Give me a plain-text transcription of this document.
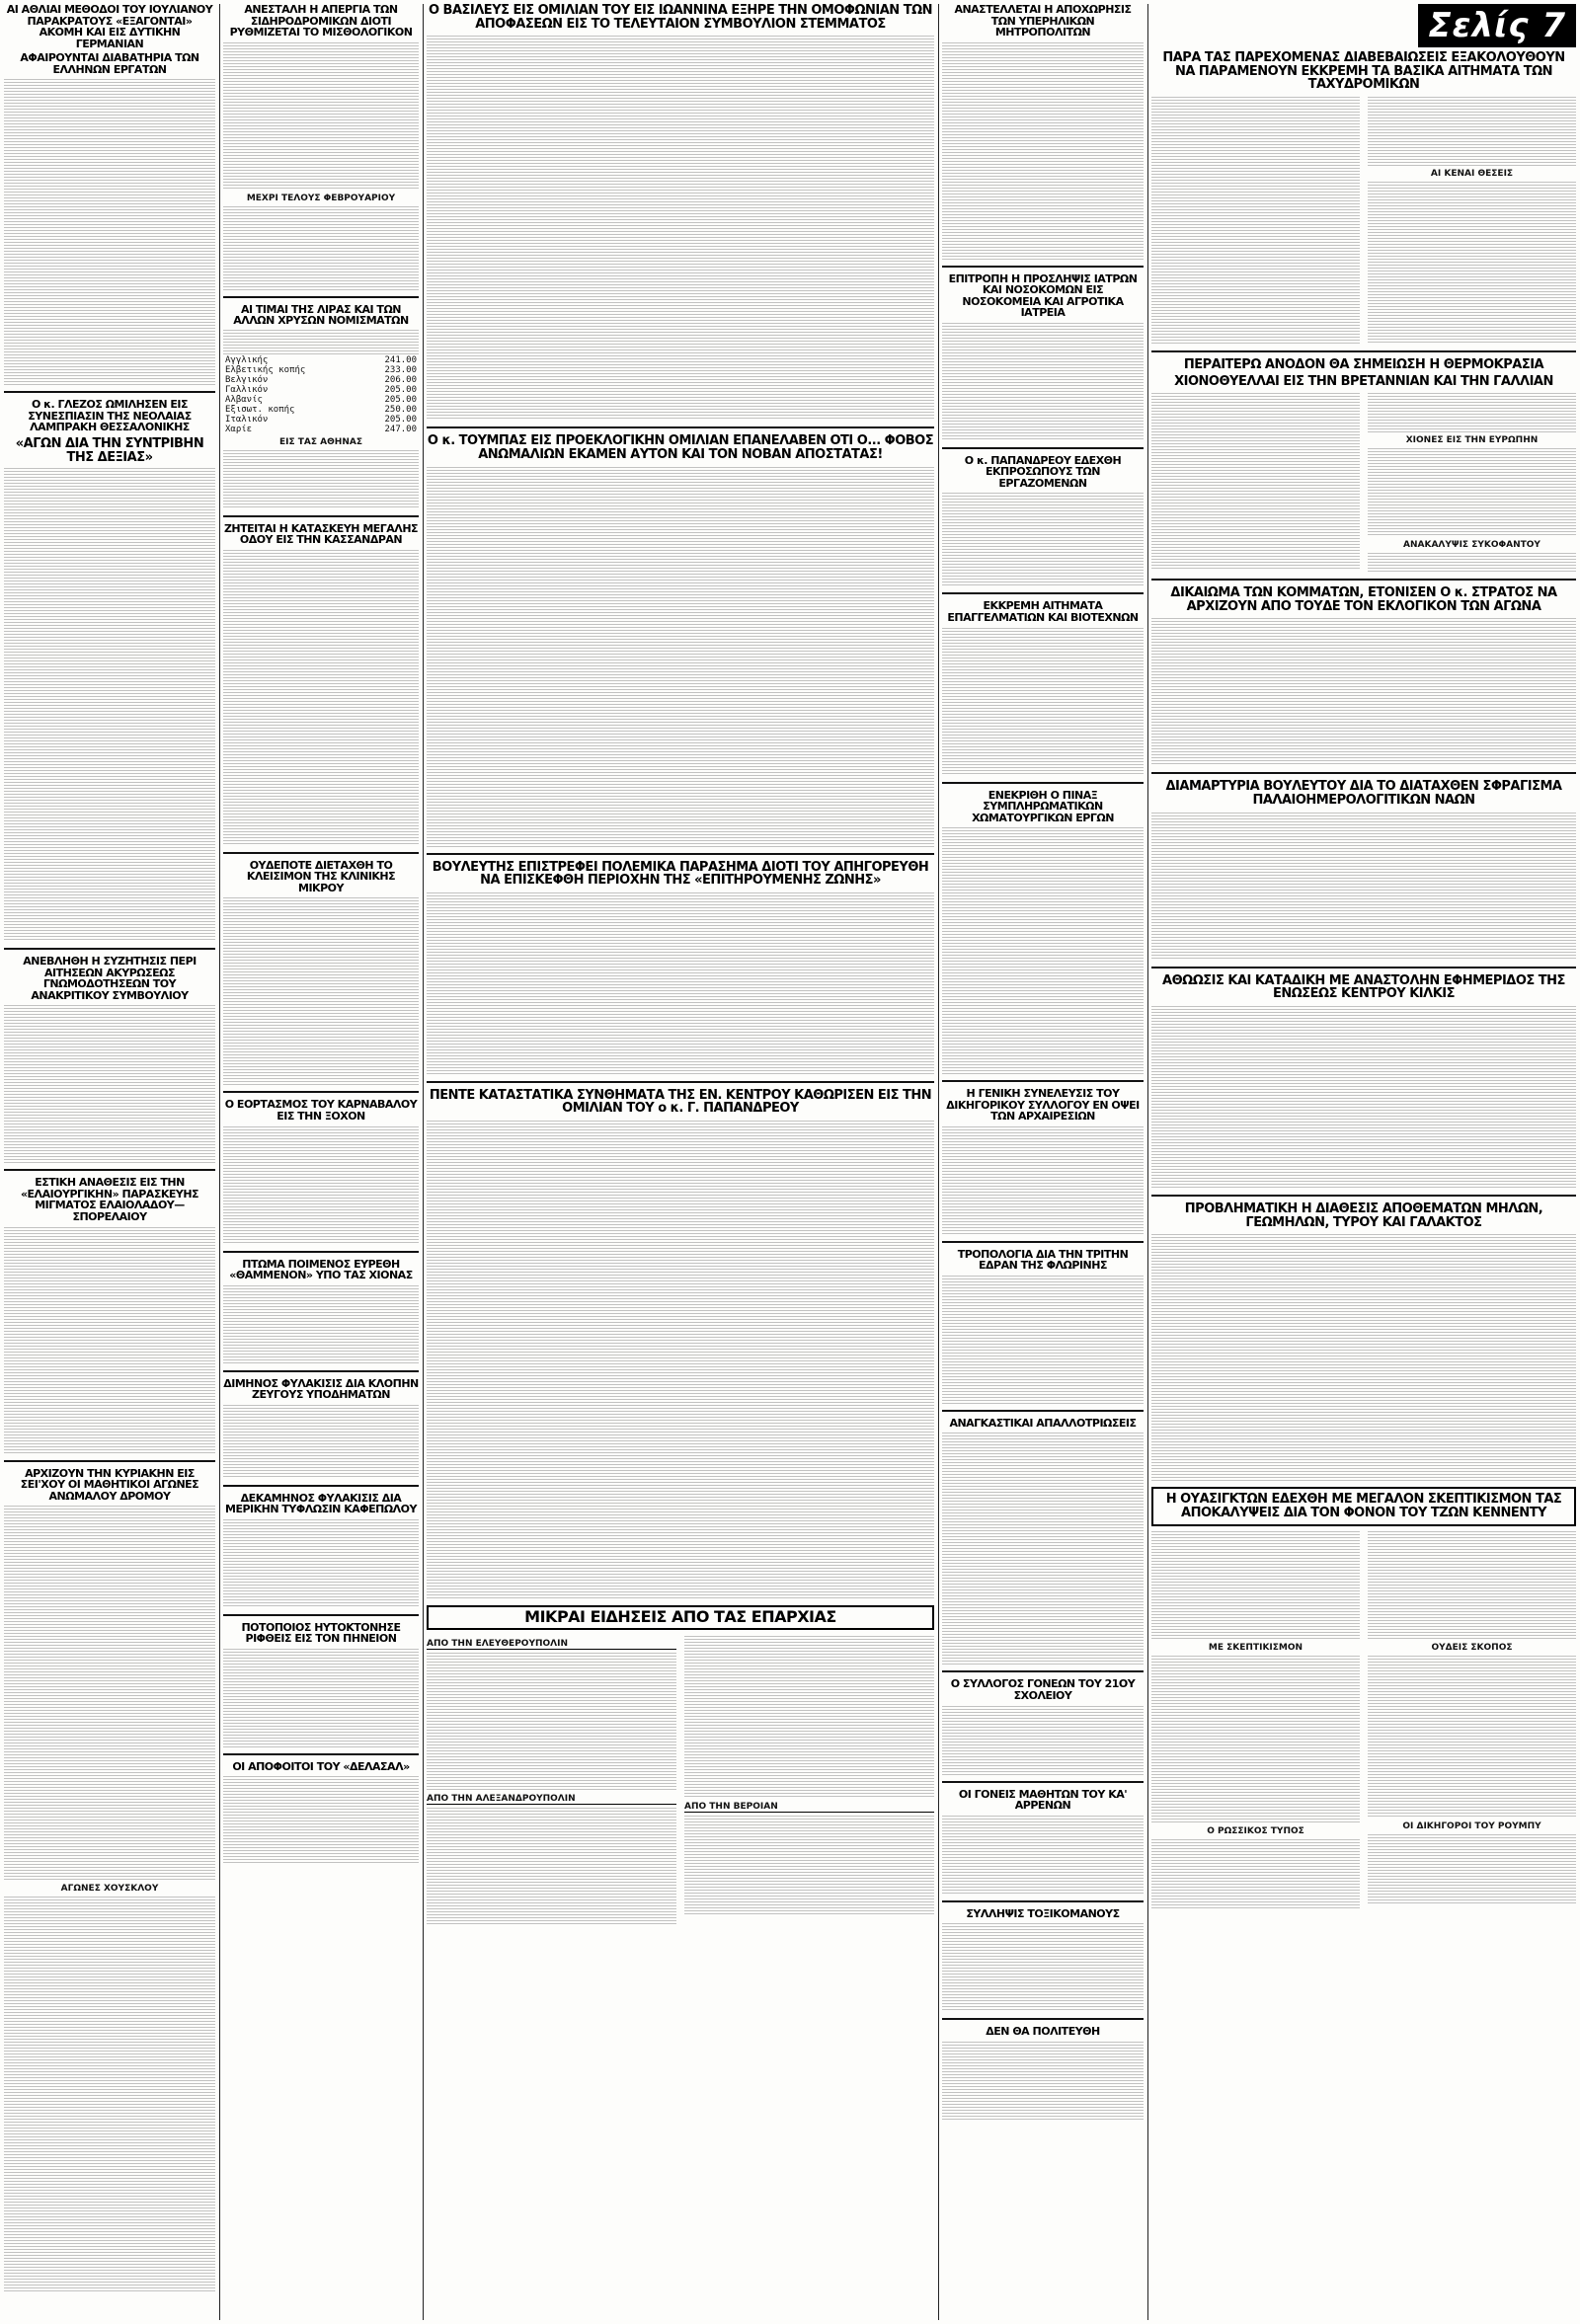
ΑΙ ΑΘΛΙΑΙ ΜΕΘΟΔΟΙ ΤΟΥ ΙΟΥΛΙΑΝΟΥ ΠΑΡΑΚΡΑΤΟΥΣ «ΕΞΑΓΟΝΤΑΙ» ΑΚΟΜΗ ΚΑΙ ΕΙΣ ΔΥΤΙΚΗΝ ΓΕΡΜΑΝΙΑΝ
ΑΦΑΙΡΟΥΝΤΑΙ ΔΙΑΒΑΤΗΡΙΑ ΤΩΝ ΕΛΛΗΝΩΝ ΕΡΓΑΤΩΝ
Ο κ. ΓΛΕΖΟΣ ΩΜΙΛΗΣΕΝ ΕΙΣ ΣΥΝΕΣΠΙΑΣΙΝ ΤΗΣ ΝΕΟΛΑΙΑΣ ΛΑΜΠΡΑΚΗ ΘΕΣΣΑΛΟΝΙΚΗΣ
«ΑΓΩΝ ΔΙΑ ΤΗΝ ΣΥΝΤΡΙΒΗΝ ΤΗΣ ΔΕΞΙΑΣ»
ΑΝΕΒΛΗΘΗ Η ΣΥΖΗΤΗΣΙΣ ΠΕΡΙ ΑΙΤΗΣΕΩΝ ΑΚΥΡΩΣΕΩΣ ΓΝΩΜΟΔΟΤΗΣΕΩΝ ΤΟΥ ΑΝΑΚΡΙΤΙΚΟΥ ΣΥΜΒΟΥΛΙΟΥ
ΕΣΤΙΚΗ ΑΝΑΘΕΣΙΣ ΕΙΣ ΤΗΝ «ΕΛΑΙΟΥΡΓΙΚΗΝ» ΠΑΡΑΣΚΕΥΗΣ ΜΙΓΜΑΤΟΣ ΕΛΑΙΟΛΑΔΟΥ—ΣΠΟΡΕΛΑΙΟΥ
ΑΡΧΙΖΟΥΝ ΤΗΝ ΚΥΡΙΑΚΗΝ ΕΙΣ ΣΕΙ'ΧΟΥ ΟΙ ΜΑΘΗΤΙΚΟΙ ΑΓΩΝΕΣ ΑΝΩΜΑΛΟΥ ΔΡΟΜΟΥ
ΑΓΩΝΕΣ ΧΟΥΣΚΛΟΥ
ΑΝΕΣΤΑΛΗ Η ΑΠΕΡΓΙΑ ΤΩΝ ΣΙΔΗΡΟΔΡΟΜΙΚΩΝ ΔΙΟΤΙ ΡΥΘΜΙΖΕΤΑΙ ΤΟ ΜΙΣΘΟΛΟΓΙΚΟΝ
ΜΕΧΡΙ ΤΕΛΟΥΣ ΦΕΒΡΟΥΑΡΙΟΥ
ΑΙ ΤΙΜΑΙ ΤΗΣ ΛΙΡΑΣ ΚΑΙ ΤΩΝ ΑΛΛΩΝ ΧΡΥΣΩΝ ΝΟΜΙΣΜΑΤΩΝ
Αγγλικής	241.00
Ελβετικής κοπής	233.00
Βελγικόν	206.00
Γαλλικόν	205.00
Αλβανίς	205.00
Εξισωτ. κοπής	250.00
Ιταλικόν	205.00
Χαρίε	247.00
ΕΙΣ ΤΑΣ ΑΘΗΝΑΣ
ΖΗΤΕΙΤΑΙ Η ΚΑΤΑΣΚΕΥΗ ΜΕΓΑΛΗΣ ΟΔΟΥ ΕΙΣ ΤΗΝ ΚΑΣΣΑΝΔΡΑΝ
ΟΥΔΕΠΟΤΕ ΔΙΕΤΑΧΘΗ ΤΟ ΚΛΕΙΣΙΜΟΝ ΤΗΣ ΚΛΙΝΙΚΗΣ ΜΙΚΡΟΥ
Ο ΕΟΡΤΑΣΜΟΣ ΤΟΥ ΚΑΡΝΑΒΑΛΟΥ ΕΙΣ ΤΗΝ ΞΟΧΟΝ
ΠΤΩΜΑ ΠΟΙΜΕΝΟΣ ΕΥΡΕΘΗ «ΘΑΜΜΕΝΟΝ» ΥΠΟ ΤΑΣ ΧΙΟΝΑΣ
ΔΙΜΗΝΟΣ ΦΥΛΑΚΙΣΙΣ ΔΙΑ ΚΛΟΠΗΝ ΖΕΥΓΟΥΣ ΥΠΟΔΗΜΑΤΩΝ
ΔΕΚΑΜΗΝΟΣ ΦΥΛΑΚΙΣΙΣ ΔΙΑ ΜΕΡΙΚΗΝ ΤΥΦΛΩΣΙΝ ΚΑΦΕΠΩΛΟΥ
ΠΟΤΟΠΟΙΟΣ ΗΥΤΟΚΤΟΝΗΣΕ ΡΙΦΘΕΙΣ ΕΙΣ ΤΟΝ ΠΗΝΕΙΟΝ
ΟΙ ΑΠΟΦΟΙΤΟΙ ΤΟΥ «ΔΕΛΑΣΑΛ»
Ο ΒΑΣΙΛΕΥΣ ΕΙΣ ΟΜΙΛΙΑΝ ΤΟΥ ΕΙΣ ΙΩΑΝΝΙΝΑ ΕΞΗΡΕ ΤΗΝ ΟΜΟΦΩΝΙΑΝ ΤΩΝ ΑΠΟΦΑΣΕΩΝ ΕΙΣ ΤΟ ΤΕΛΕΥΤΑΙΟΝ ΣΥΜΒΟΥΛΙΟΝ ΣΤΕΜΜΑΤΟΣ
Ο κ. ΤΟΥΜΠΑΣ ΕΙΣ ΠΡΟΕΚΛΟΓΙΚΗΝ ΟΜΙΛΙΑΝ ΕΠΑΝΕΛΑΒΕΝ ΟΤΙ Ο... ΦΟΒΟΣ ΑΝΩΜΑΛΙΩΝ ΕΚΑΜΕΝ ΑΥΤΟΝ ΚΑΙ ΤΟΝ ΝΟΒΑΝ ΑΠΟΣΤΑΤΑΣ!
ΒΟΥΛΕΥΤΗΣ ΕΠΙΣΤΡΕΦΕΙ ΠΟΛΕΜΙΚΑ ΠΑΡΑΣΗΜΑ ΔΙΟΤΙ ΤΟΥ ΑΠΗΓΟΡΕΥΘΗ ΝΑ ΕΠΙΣΚΕΦΘΗ ΠΕΡΙΟΧΗΝ ΤΗΣ «ΕΠΙΤΗΡΟΥΜΕΝΗΣ ΖΩΝΗΣ»
ΠΕΝΤΕ ΚΑΤΑΣΤΑΤΙΚΑ ΣΥΝΘΗΜΑΤΑ ΤΗΣ ΕΝ. ΚΕΝΤΡΟΥ ΚΑΘΩΡΙΣΕΝ ΕΙΣ ΤΗΝ ΟΜΙΛΙΑΝ ΤΟΥ ο κ. Γ. ΠΑΠΑΝΔΡΕΟΥ
ΜΙΚΡΑΙ ΕΙΔΗΣΕΙΣ ΑΠΟ ΤΑΣ ΕΠΑΡΧΙΑΣ
ΑΠΟ ΤΗΝ ΕΛΕΥΘΕΡΟΥΠΟΛΙΝ
ΑΠΟ ΤΗΝ ΑΛΕΞΑΝΔΡΟΥΠΟΛΙΝ
ΑΠΟ ΤΗΝ ΒΕΡΟΙΑΝ
ΑΝΑΣΤΕΛΛΕΤΑΙ Η ΑΠΟΧΩΡΗΣΙΣ ΤΩΝ ΥΠΕΡΗΛΙΚΩΝ ΜΗΤΡΟΠΟΛΙΤΩΝ
ΕΠΙΤΡΟΠΗ Η ΠΡΟΣΛΗΨΙΣ ΙΑΤΡΩΝ ΚΑΙ ΝΟΣΟΚΟΜΩΝ ΕΙΣ ΝΟΣΟΚΟΜΕΙΑ ΚΑΙ ΑΓΡΟΤΙΚΑ ΙΑΤΡΕΙΑ
Ο κ. ΠΑΠΑΝΔΡΕΟΥ ΕΔΕΧΘΗ ΕΚΠΡΟΣΩΠΟΥΣ ΤΩΝ ΕΡΓΑΖΟΜΕΝΩΝ
ΕΚΚΡΕΜΗ ΑΙΤΗΜΑΤΑ ΕΠΑΓΓΕΛΜΑΤΙΩΝ ΚΑΙ ΒΙΟΤΕΧΝΩΝ
ΕΝΕΚΡΙΘΗ Ο ΠΙΝΑΞ ΣΥΜΠΛΗΡΩΜΑΤΙΚΩΝ ΧΩΜΑΤΟΥΡΓΙΚΩΝ ΕΡΓΩΝ
Η ΓΕΝΙΚΗ ΣΥΝΕΛΕΥΣΙΣ ΤΟΥ ΔΙΚΗΓΟΡΙΚΟΥ ΣΥΛΛΟΓΟΥ ΕΝ ΟΨΕΙ ΤΩΝ ΑΡΧΑΙΡΕΣΙΩΝ
ΤΡΟΠΟΛΟΓΙΑ ΔΙΑ ΤΗΝ ΤΡΙΤΗΝ ΕΔΡΑΝ ΤΗΣ ΦΛΩΡΙΝΗΣ
ΑΝΑΓΚΑΣΤΙΚΑΙ ΑΠΑΛΛΟΤΡΙΩΣΕΙΣ
Ο ΣΥΛΛΟΓΟΣ ΓΟΝΕΩΝ ΤΟΥ 21ΟΥ ΣΧΟΛΕΙΟΥ
ΟΙ ΓΟΝΕΙΣ ΜΑΘΗΤΩΝ ΤΟΥ ΚΑ' ΑΡΡΕΝΩΝ
ΣΥΛΛΗΨΙΣ ΤΟΞΙΚΟΜΑΝΟΥΣ
ΔΕΝ ΘΑ ΠΟΛΙΤΕΥΘΗ
Σελίς 7
ΠΑΡΑ ΤΑΣ ΠΑΡΕΧΟΜΕΝΑΣ ΔΙΑΒΕΒΑΙΩΣΕΙΣ ΕΞΑΚΟΛΟΥΘΟΥΝ ΝΑ ΠΑΡΑΜΕΝΟΥΝ ΕΚΚΡΕΜΗ ΤΑ ΒΑΣΙΚΑ ΑΙΤΗΜΑΤΑ ΤΩΝ ΤΑΧΥΔΡΟΜΙΚΩΝ
ΑΙ ΚΕΝΑΙ ΘΕΣΕΙΣ
ΠΕΡΑΙΤΕΡΩ ΑΝΟΔΟΝ ΘΑ ΣΗΜΕΙΩΣΗ Η ΘΕΡΜΟΚΡΑΣΙΑ
ΧΙΟΝΟΘΥΕΛΛΑΙ ΕΙΣ ΤΗΝ ΒΡΕΤΑΝΝΙΑΝ ΚΑΙ ΤΗΝ ΓΑΛΛΙΑΝ
ΧΙΟΝΕΣ ΕΙΣ ΤΗΝ ΕΥΡΩΠΗΝ
ΑΝΑΚΑΛΥΨΙΣ ΣΥΚΟΦΑΝΤΟΥ
ΔΙΚΑΙΩΜΑ ΤΩΝ ΚΟΜΜΑΤΩΝ, ΕΤΟΝΙΣΕΝ Ο κ. ΣΤΡΑΤΟΣ ΝΑ ΑΡΧΙΖΟΥΝ ΑΠΟ ΤΟΥΔΕ ΤΟΝ ΕΚΛΟΓΙΚΟΝ ΤΩΝ ΑΓΩΝΑ
ΔΙΑΜΑΡΤΥΡΙΑ ΒΟΥΛΕΥΤΟΥ ΔΙΑ ΤΟ ΔΙΑΤΑΧΘΕΝ ΣΦΡΑΓΙΣΜΑ ΠΑΛΑΙΟΗΜΕΡΟΛΟΓΙΤΙΚΩΝ ΝΑΩΝ
ΑΘΩΩΣΙΣ ΚΑΙ ΚΑΤΑΔΙΚΗ ΜΕ ΑΝΑΣΤΟΛΗΝ ΕΦΗΜΕΡΙΔΟΣ ΤΗΣ ΕΝΩΣΕΩΣ ΚΕΝΤΡΟΥ ΚΙΛΚΙΣ
ΠΡΟΒΛΗΜΑΤΙΚΗ Η ΔΙΑΘΕΣΙΣ ΑΠΟΘΕΜΑΤΩΝ ΜΗΛΩΝ, ΓΕΩΜΗΛΩΝ, ΤΥΡΟΥ ΚΑΙ ΓΑΛΑΚΤΟΣ
Η ΟΥΑΣΙΓΚΤΩΝ ΕΔΕΧΘΗ ΜΕ ΜΕΓΑΛΟΝ ΣΚΕΠΤΙΚΙΣΜΟΝ ΤΑΣ ΑΠΟΚΑΛΥΨΕΙΣ ΔΙΑ ΤΟΝ ΦΟΝΟΝ ΤΟΥ ΤΖΩΝ ΚΕΝΝΕΝΤΥ
ΜΕ ΣΚΕΠΤΙΚΙΣΜΟΝ
Ο ΡΩΣΣΙΚΟΣ ΤΥΠΟΣ
ΟΥΔΕΙΣ ΣΚΟΠΟΣ
ΟΙ ΔΙΚΗΓΟΡΟΙ ΤΟΥ ΡΟΥΜΠΥ
